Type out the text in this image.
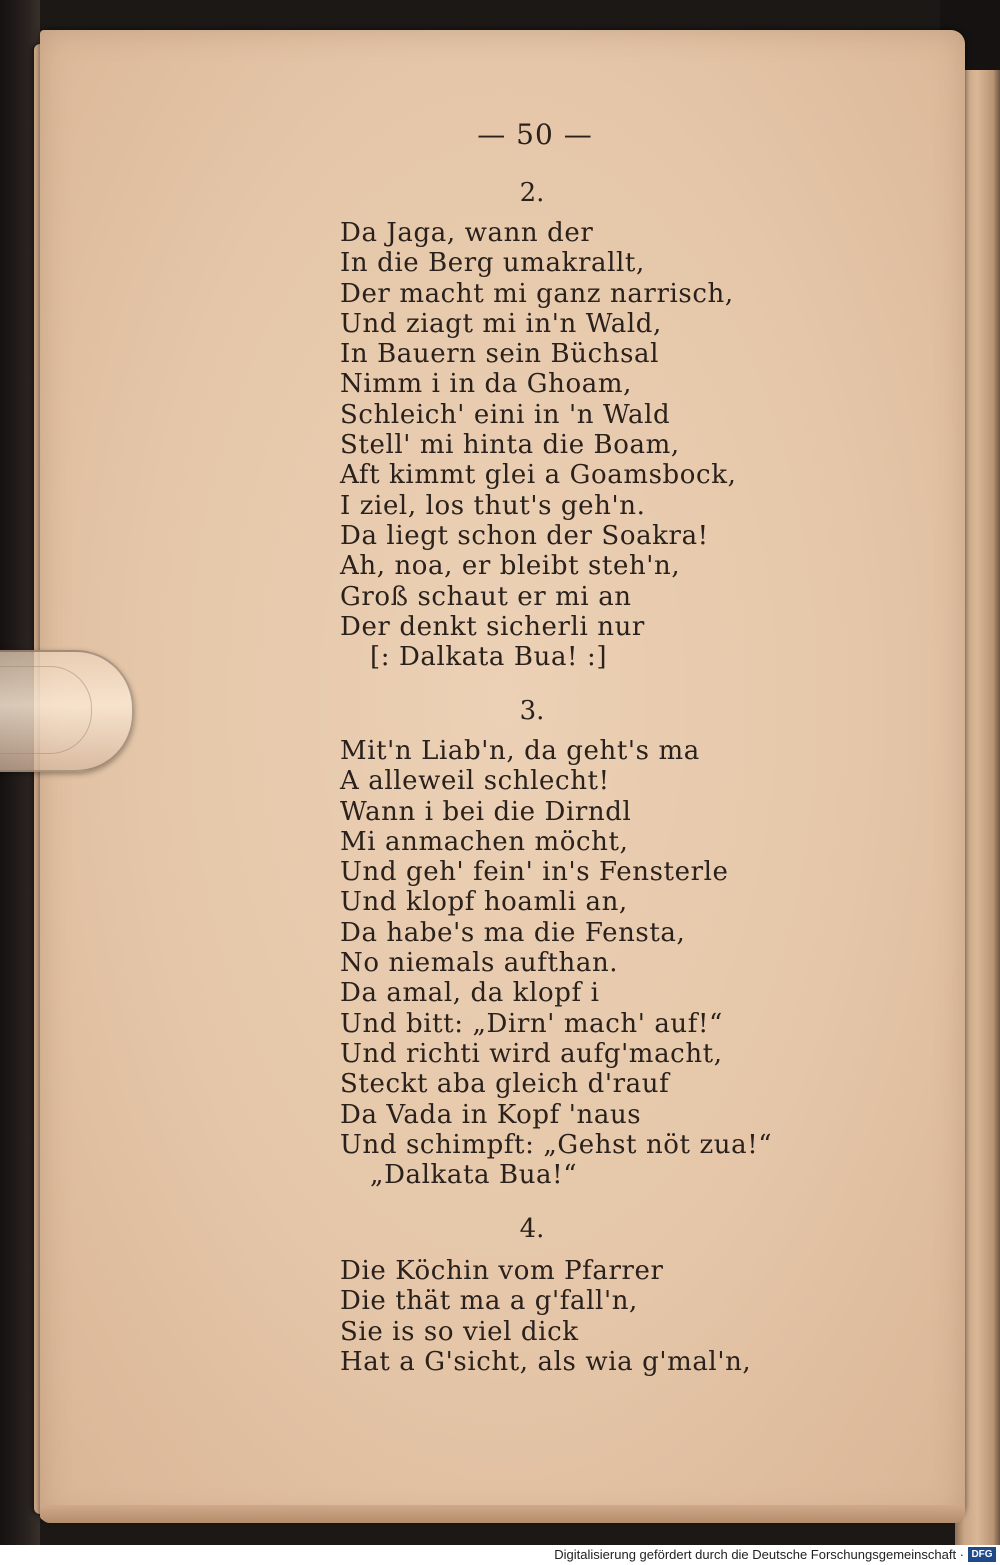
— 50 —
2.
Da Jaga, wann der
In die Berg umakrallt,
Der macht mi ganz narrisch,
Und ziagt mi in'n Wald,
In Bauern sein Büchsal
Nimm i in da Ghoam,
Schleich' eini in 'n Wald
Stell' mi hinta die Boam,
Aft kimmt glei a Goamsbock,
I ziel, los thut's geh'n.
Da liegt schon der Soakra!
Ah, noa, er bleibt steh'n,
Groß schaut er mi an
Der denkt sicherli nur
[: Dalkata Bua! :]
3.
Mit'n Liab'n, da geht's ma
A alleweil schlecht!
Wann i bei die Dirndl
Mi anmachen möcht,
Und geh' fein' in's Fensterle
Und klopf hoamli an,
Da habe's ma die Fensta,
No niemals aufthan.
Da amal, da klopf i
Und bitt: „Dirn' mach' auf!“
Und richti wird aufg'macht,
Steckt aba gleich d'rauf
Da Vada in Kopf 'naus
Und schimpft: „Gehst nöt zua!“
„Dalkata Bua!“
4.
Die Köchin vom Pfarrer
Die thät ma a g'fall'n,
Sie is so viel dick
Hat a G'sicht, als wia g'mal'n,
Digitalisierung gefördert durch die Deutsche Forschungsgemeinschaft · DFG
